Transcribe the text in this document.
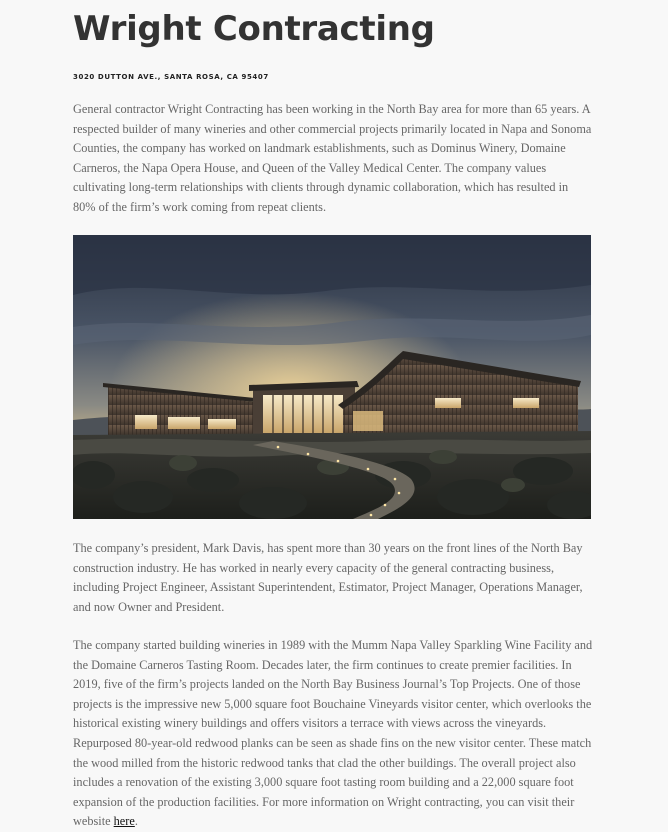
Wright Contracting
3020 DUTTON AVE., SANTA ROSA, CA 95407

General contractor Wright Contracting has been working in the North Bay area for more than 65 years. A respected builder of many wineries and other commercial projects primarily located in Napa and Sonoma Counties, the company has worked on landmark establishments, such as Dominus Winery, Domaine Carneros, the Napa Opera House, and Queen of the Valley Medical Center. The company values cultivating long-term relationships with clients through dynamic collaboration, which has resulted in 80% of the firm’s work coming from repeat clients.

The company’s president, Mark Davis, has spent more than 30 years on the front lines of the North Bay construction industry. He has worked in nearly every capacity of the general contracting business, including Project Engineer, Assistant Superintendent, Estimator, Project Manager, Operations Manager, and now Owner and President.

The company started building wineries in 1989 with the Mumm Napa Valley Sparkling Wine Facility and the Domaine Carneros Tasting Room. Decades later, the firm continues to create premier facilities. In 2019, five of the firm’s projects landed on the North Bay Business Journal’s Top Projects. One of those projects is the impressive new 5,000 square foot Bouchaine Vineyards visitor center, which overlooks the historical existing winery buildings and offers visitors a terrace with views across the vineyards. Repurposed 80-year-old redwood planks can be seen as shade fins on the new visitor center. These match the wood milled from the historic redwood tanks that clad the other buildings. The overall project also includes a renovation of the existing 3,000 square foot tasting room building and a 22,000 square foot expansion of the production facilities. For more information on Wright contracting, you can visit their website here.
